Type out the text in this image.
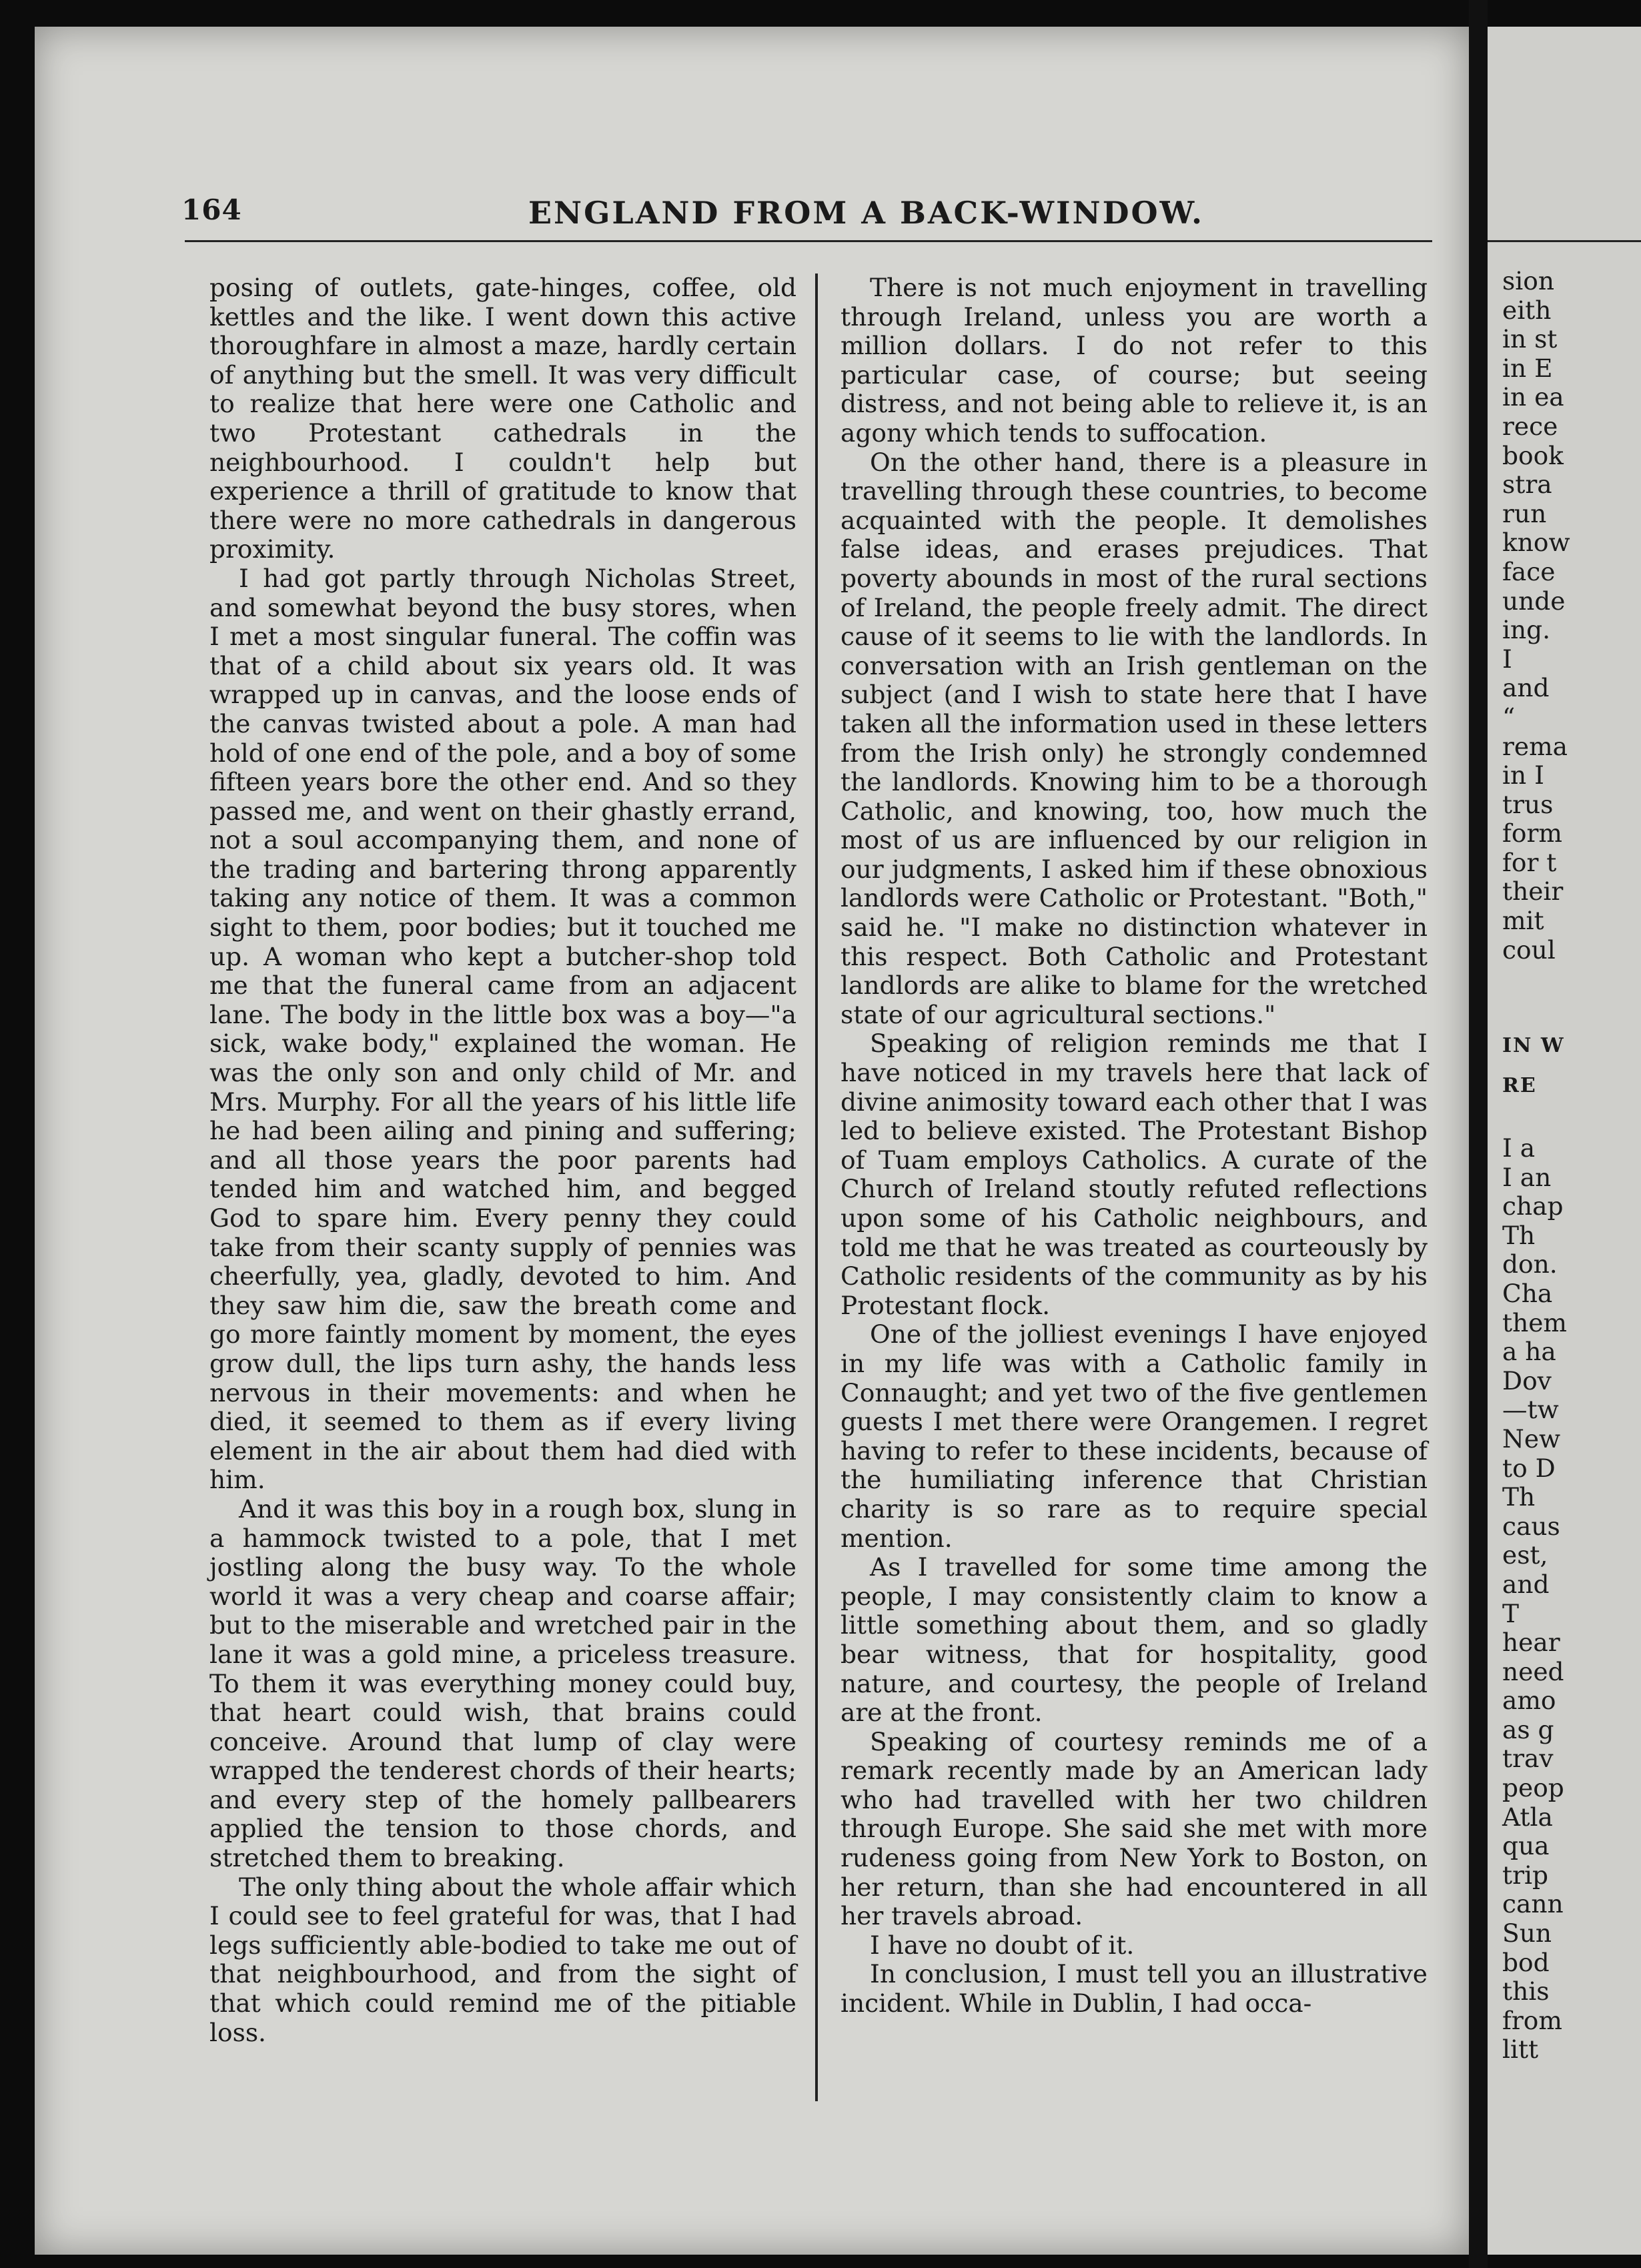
164	ENGLAND FROM A BACK-WINDOW.

posing of outlets, gate-hinges, coffee, old kettles and the like. I went down this active thoroughfare in almost a maze, hardly certain of anything but the smell. It was very difficult to realize that here were one Catholic and two Protestant cathedrals in the neighbourhood. I couldn't help but experience a thrill of gratitude to know that there were no more cathedrals in dangerous proximity.

I had got partly through Nicholas Street, and somewhat beyond the busy stores, when I met a most singular funeral. The coffin was that of a child about six years old. It was wrapped up in canvas, and the loose ends of the canvas twisted about a pole. A man had hold of one end of the pole, and a boy of some fifteen years bore the other end. And so they passed me, and went on their ghastly errand, not a soul accompanying them, and none of the trading and bartering throng apparently taking any notice of them. It was a common sight to them, poor bodies; but it touched me up. A woman who kept a butcher-shop told me that the funeral came from an adjacent lane. The body in the little box was a boy—"a sick, wake body," explained the woman. He was the only son and only child of Mr. and Mrs. Murphy. For all the years of his little life he had been ailing and pining and suffering; and all those years the poor parents had tended him and watched him, and begged God to spare him. Every penny they could take from their scanty supply of pennies was cheerfully, yea, gladly, devoted to him. And they saw him die, saw the breath come and go more faintly moment by moment, the eyes grow dull, the lips turn ashy, the hands less nervous in their movements: and when he died, it seemed to them as if every living element in the air about them had died with him.

And it was this boy in a rough box, slung in a hammock twisted to a pole, that I met jostling along the busy way. To the whole world it was a very cheap and coarse affair; but to the miserable and wretched pair in the lane it was a gold mine, a priceless treasure. To them it was everything money could buy, that heart could wish, that brains could conceive. Around that lump of clay were wrapped the tenderest chords of their hearts; and every step of the homely pallbearers applied the tension to those chords, and stretched them to breaking.

The only thing about the whole affair which I could see to feel grateful for was, that I had legs sufficiently able-bodied to take me out of that neighbourhood, and from the sight of that which could remind me of the pitiable loss.

There is not much enjoyment in travelling through Ireland, unless you are worth a million dollars. I do not refer to this particular case, of course; but seeing distress, and not being able to relieve it, is an agony which tends to suffocation.

On the other hand, there is a pleasure in travelling through these countries, to become acquainted with the people. It demolishes false ideas, and erases prejudices. That poverty abounds in most of the rural sections of Ireland, the people freely admit. The direct cause of it seems to lie with the landlords. In conversation with an Irish gentleman on the subject (and I wish to state here that I have taken all the information used in these letters from the Irish only) he strongly condemned the landlords. Knowing him to be a thorough Catholic, and knowing, too, how much the most of us are influenced by our religion in our judgments, I asked him if these obnoxious landlords were Catholic or Protestant. "Both," said he. "I make no distinction whatever in this respect. Both Catholic and Protestant landlords are alike to blame for the wretched state of our agricultural sections."

Speaking of religion reminds me that I have noticed in my travels here that lack of divine animosity toward each other that I was led to believe existed. The Protestant Bishop of Tuam employs Catholics. A curate of the Church of Ireland stoutly refuted reflections upon some of his Catholic neighbours, and told me that he was treated as courteously by Catholic residents of the community as by his Protestant flock.

One of the jolliest evenings I have enjoyed in my life was with a Catholic family in Connaught; and yet two of the five gentlemen guests I met there were Orangemen. I regret having to refer to these incidents, because of the humiliating inference that Christian charity is so rare as to require special mention.

As I travelled for some time among the people, I may consistently claim to know a little something about them, and so gladly bear witness, that for hospitality, good nature, and courtesy, the people of Ireland are at the front.

Speaking of courtesy reminds me of a remark recently made by an American lady who had travelled with her two children through Europe. She said she met with more rudeness going from New York to Boston, on her return, than she had encountered in all her travels abroad.

I have no doubt of it.

In conclusion, I must tell you an illustrative incident. While in Dublin, I had occa-

sion
eith
in st
in E
in ea
rece
book
stra
run
know
face
unde
ing.
I
and
“
rema
in I
trus
form
for t
their
mit
coul
IN W
RE
I a
I an
chap
Th
don.
Cha
them
a ha
Dov
—tw
New
to D
Th
caus
est,
and
T
hear
need
amo
as g
trav
peop
Atla
qua
trip
cann
Sun
bod
this
from
litt
